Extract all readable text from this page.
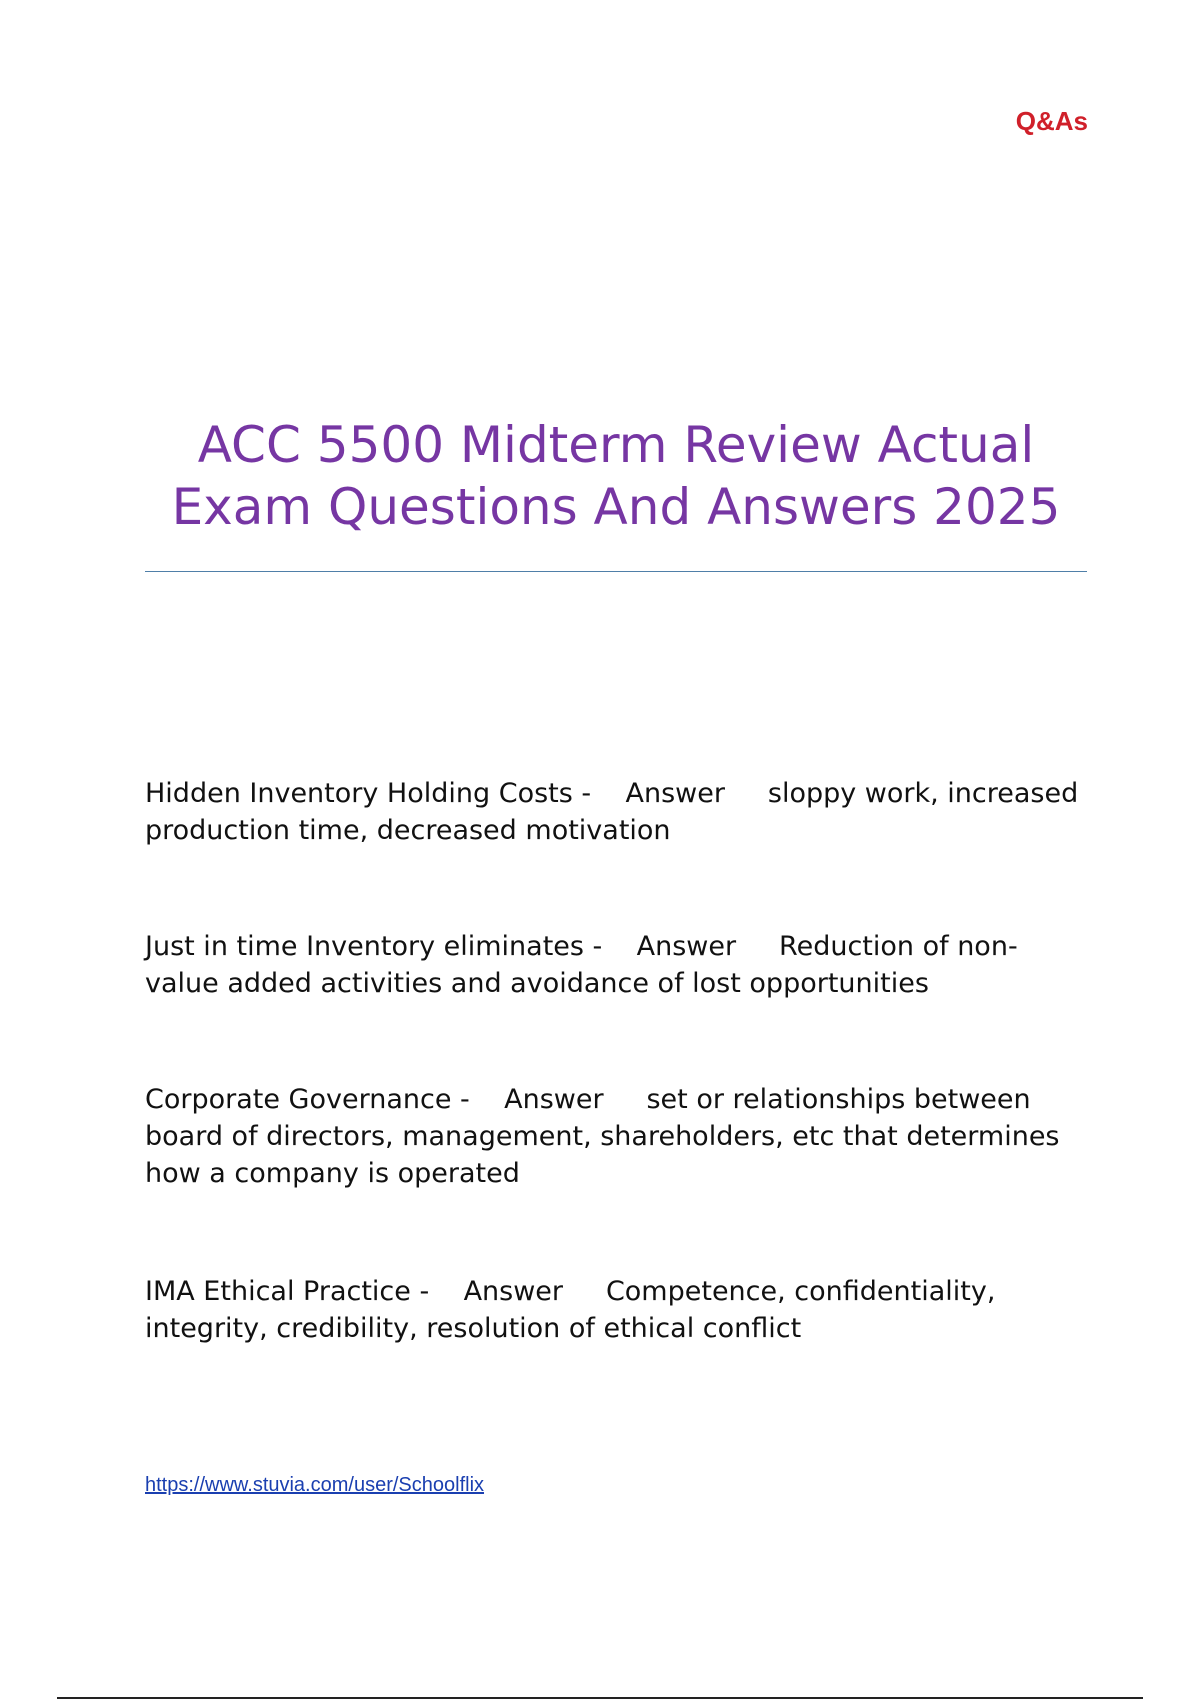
Q&As
ACC 5500 Midterm Review Actual Exam Questions And Answers 2025
Hidden Inventory Holding Costs - Answer sloppy work, increased production time, decreased motivation
Just in time Inventory eliminates - Answer Reduction of non-value added activities and avoidance of lost opportunities
Corporate Governance - Answer set or relationships between board of directors, management, shareholders, etc that determines how a company is operated
IMA Ethical Practice - Answer Competence, confidentiality, integrity, credibility, resolution of ethical conflict
https://www.stuvia.com/user/Schoolflix
